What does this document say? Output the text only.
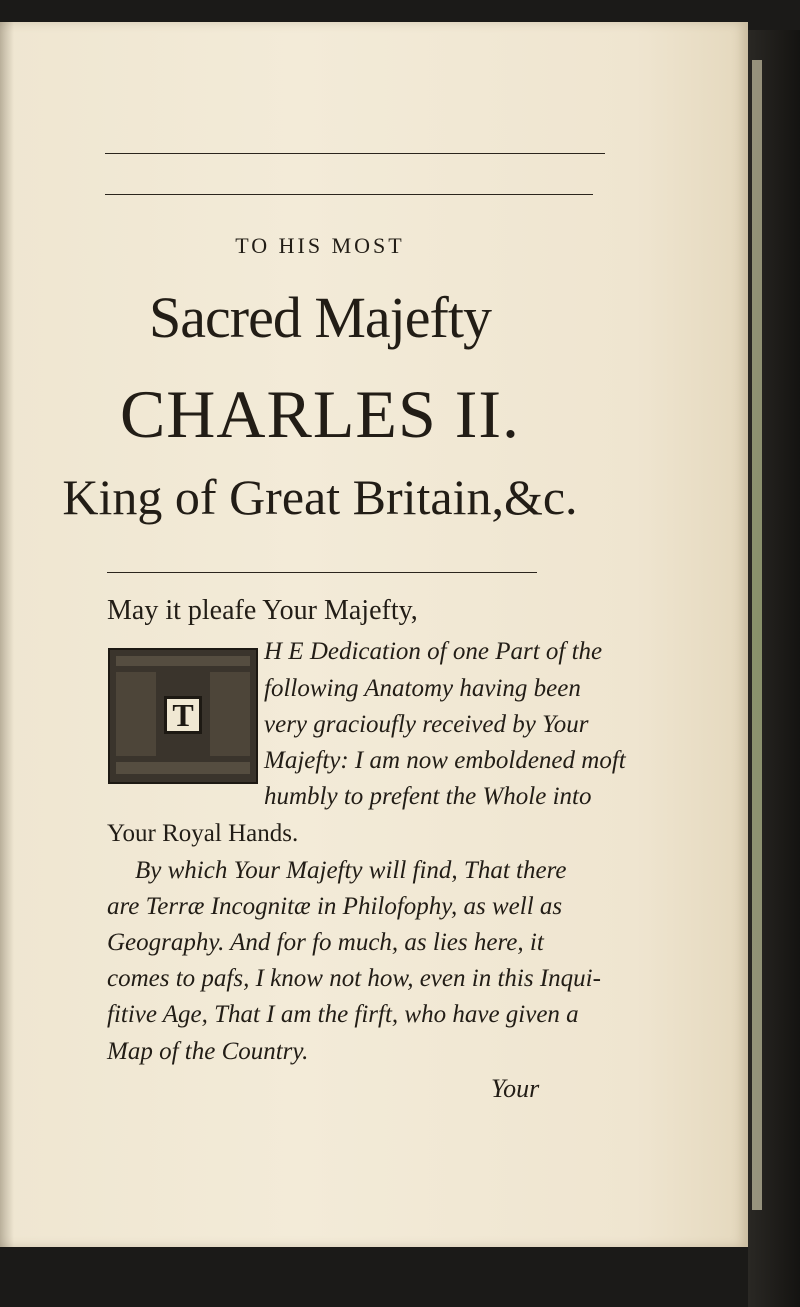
TO HIS MOST
Sacred Majefty
CHARLES II.
King of Great Britain,&c.
May it pleafe Your Majefty,
T
H E Dedication of one Part of the
following Anatomy having been
very gracioufly received by Your
Majefty: I am now emboldened moft
humbly to prefent the Whole into
Your Royal Hands.
By which Your Majefty will find, That there
are Terræ Incognitæ in Philofophy, as well as
Geography. And for fo much, as lies here, it
comes to pafs, I know not how, even in this Inqui-
fitive Age, That I am the firft, who have given a
Map of the Country.
Your
